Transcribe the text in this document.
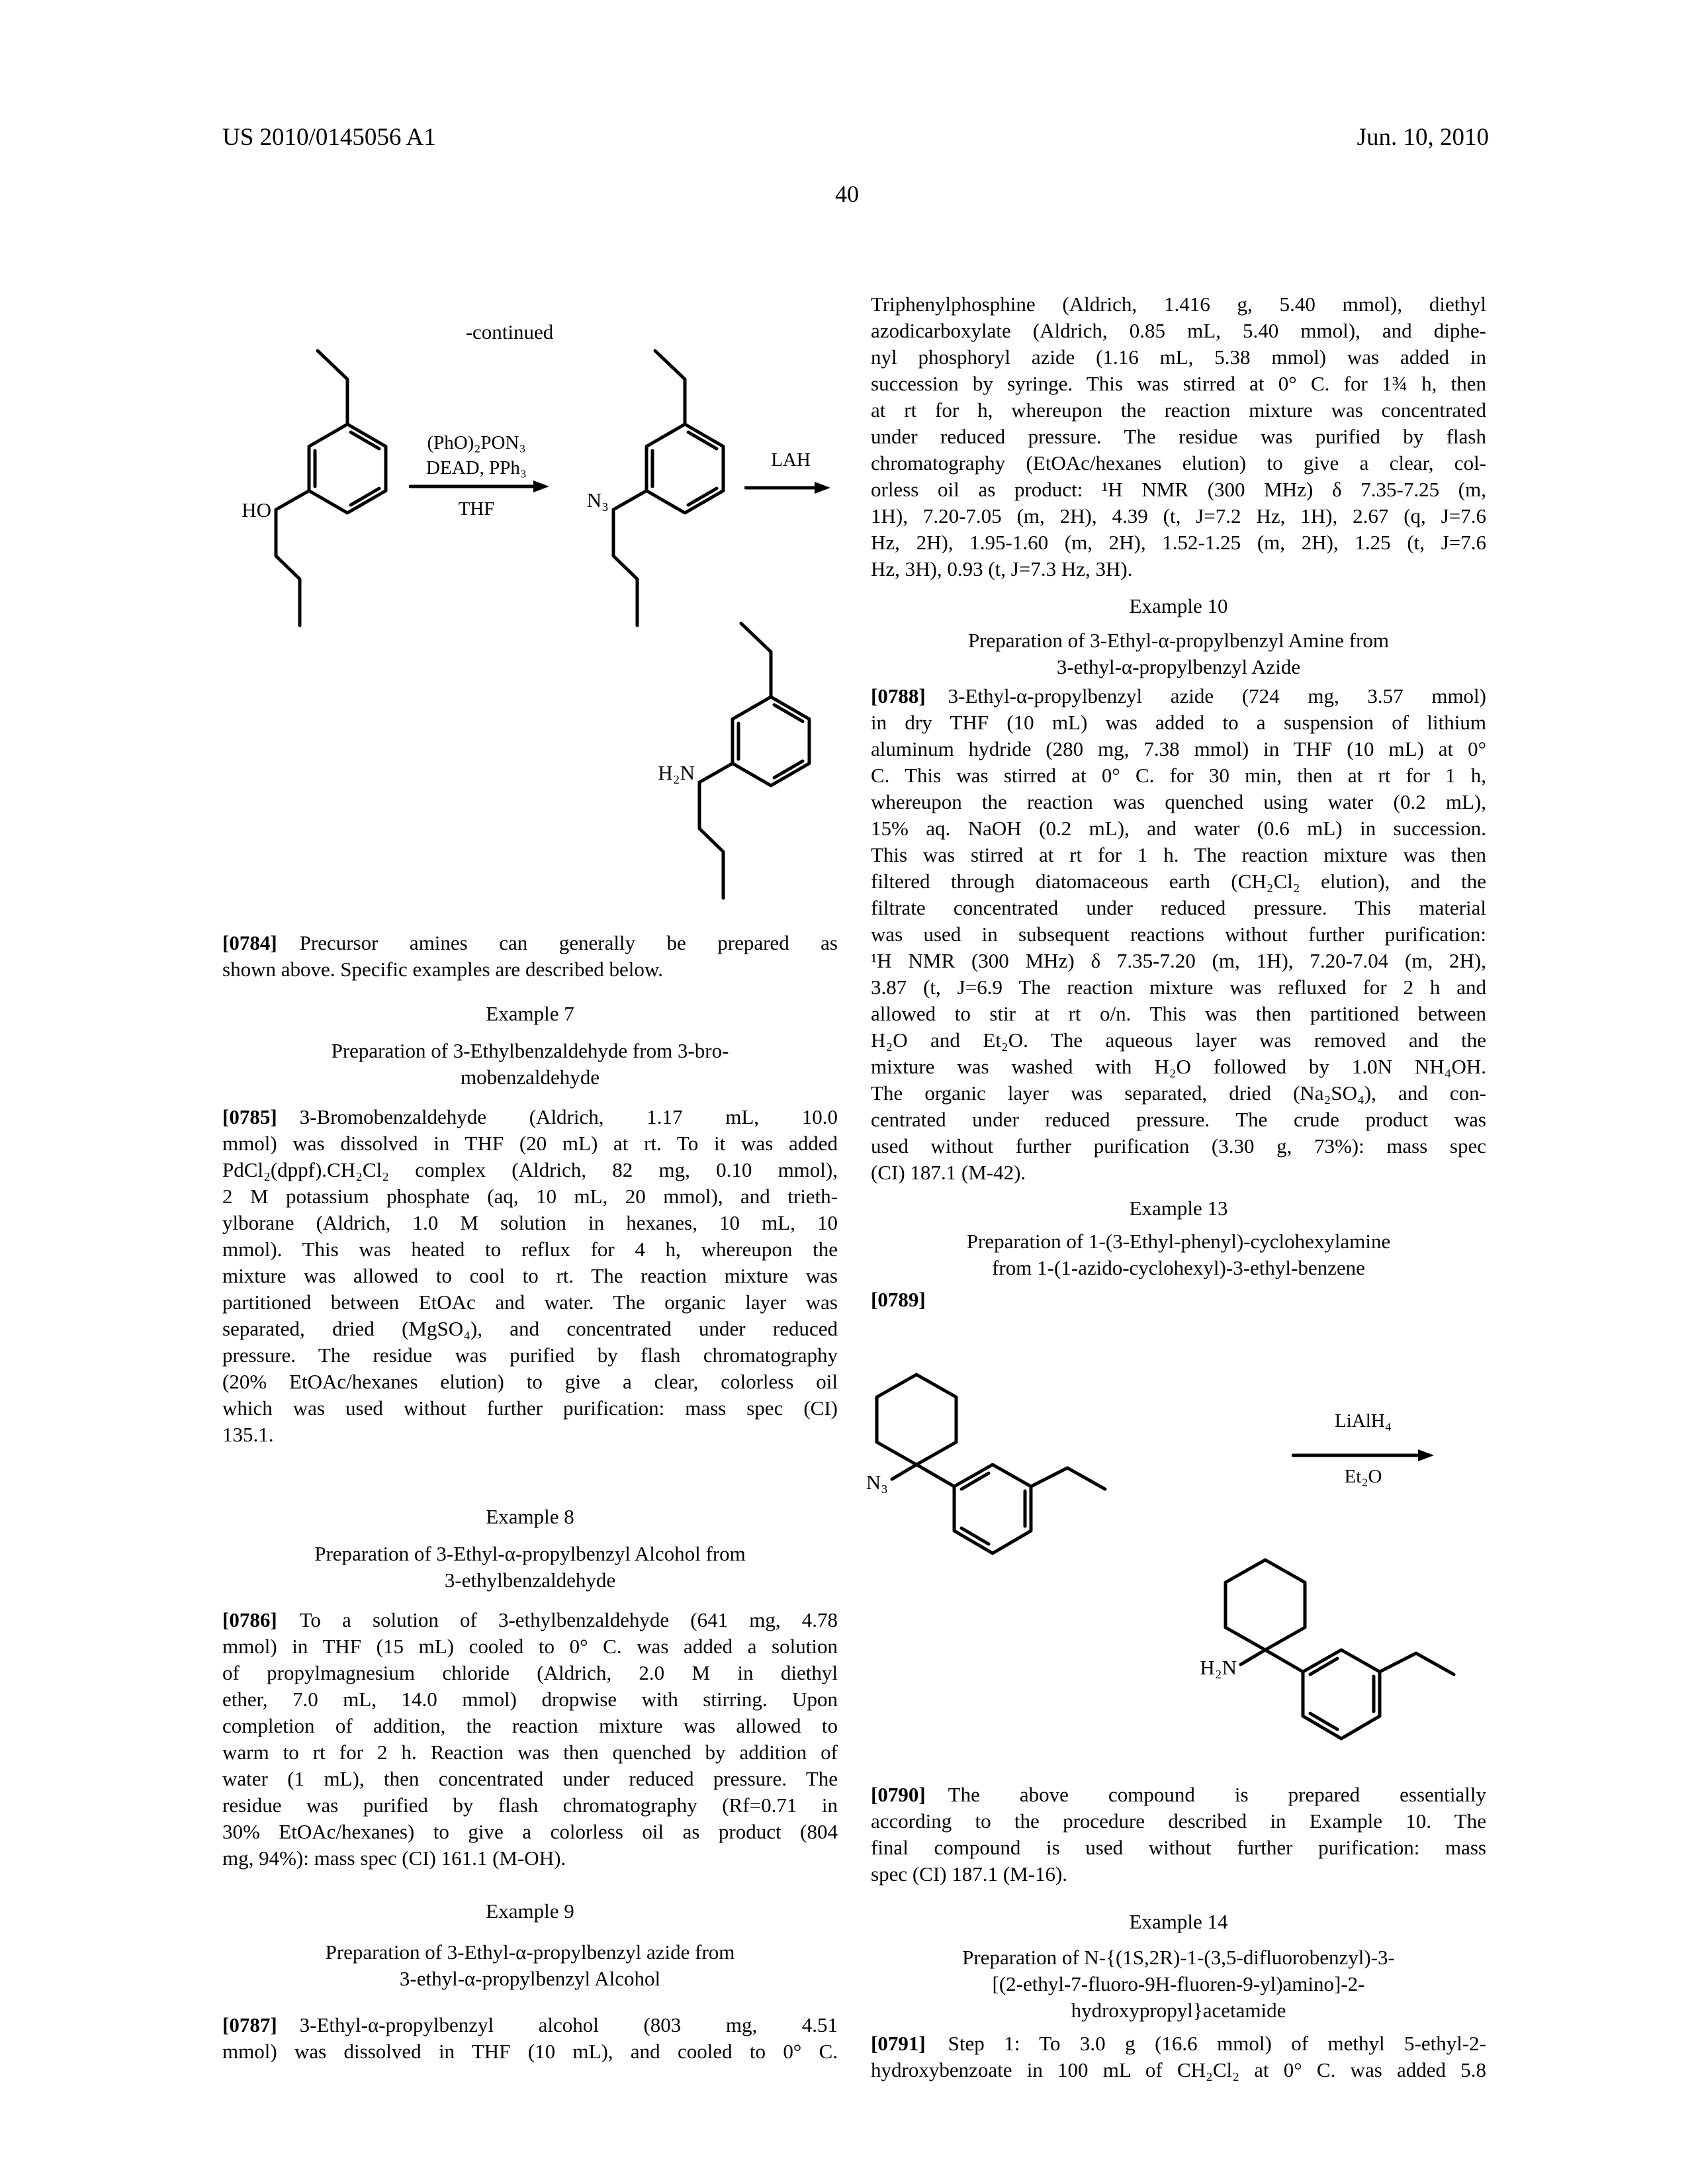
US 2010/0145056 A1	Jun. 10, 2010
40
-continued
HO
(PhO)₂PON₃
DEAD, PPh₃
THF	N₃
LAH
H₂N
[0784] Precursor amines can generally be prepared as
shown above. Specific examples are described below.
Example 7
Preparation of 3-Ethylbenzaldehyde from 3-bro-
mobenzaldehyde
[0785] 3-Bromobenzaldehyde (Aldrich, 1.17 mL, 10.0
mmol) was dissolved in THF (20 mL) at rt. To it was added
PdCl₂(dppf).CH₂Cl₂ complex (Aldrich, 82 mg, 0.10 mmol),
2 M potassium phosphate (aq, 10 mL, 20 mmol), and trieth-
ylborane (Aldrich, 1.0 M solution in hexanes, 10 mL, 10
mmol). This was heated to reflux for 4 h, whereupon the
mixture was allowed to cool to rt. The reaction mixture was
partitioned between EtOAc and water. The organic layer was
separated, dried (MgSO₄), and concentrated under reduced
pressure. The residue was purified by flash chromatography
(20% EtOAc/hexanes elution) to give a clear, colorless oil
which was used without further purification: mass spec (CI)
135.1.
Example 8
Preparation of 3-Ethyl-α-propylbenzyl Alcohol from
3-ethylbenzaldehyde
[0786] To a solution of 3-ethylbenzaldehyde (641 mg, 4.78
mmol) in THF (15 mL) cooled to 0° C. was added a solution
of propylmagnesium chloride (Aldrich, 2.0 M in diethyl
ether, 7.0 mL, 14.0 mmol) dropwise with stirring. Upon
completion of addition, the reaction mixture was allowed to
warm to rt for 2 h. Reaction was then quenched by addition of
water (1 mL), then concentrated under reduced pressure. The
residue was purified by flash chromatography (Rf=0.71 in
30% EtOAc/hexanes) to give a colorless oil as product (804
mg, 94%): mass spec (CI) 161.1 (M-OH).
Example 9
Preparation of 3-Ethyl-α-propylbenzyl azide from
3-ethyl-α-propylbenzyl Alcohol
[0787] 3-Ethyl-α-propylbenzyl alcohol (803 mg, 4.51
mmol) was dissolved in THF (10 mL), and cooled to 0° C.
Triphenylphosphine (Aldrich, 1.416 g, 5.40 mmol), diethyl
azodicarboxylate (Aldrich, 0.85 mL, 5.40 mmol), and diphe-
nyl phosphoryl azide (1.16 mL, 5.38 mmol) was added in
succession by syringe. This was stirred at 0° C. for 1¾ h, then
at rt for h, whereupon the reaction mixture was concentrated
under reduced pressure. The residue was purified by flash
chromatography (EtOAc/hexanes elution) to give a clear, col-
orless oil as product: ¹H NMR (300 MHz) δ 7.35-7.25 (m,
1H), 7.20-7.05 (m, 2H), 4.39 (t, J=7.2 Hz, 1H), 2.67 (q, J=7.6
Hz, 2H), 1.95-1.60 (m, 2H), 1.52-1.25 (m, 2H), 1.25 (t, J=7.6
Hz, 3H), 0.93 (t, J=7.3 Hz, 3H).
Example 10
Preparation of 3-Ethyl-α-propylbenzyl Amine from
3-ethyl-α-propylbenzyl Azide
[0788] 3-Ethyl-α-propylbenzyl azide (724 mg, 3.57 mmol)
in dry THF (10 mL) was added to a suspension of lithium
aluminum hydride (280 mg, 7.38 mmol) in THF (10 mL) at 0°
C. This was stirred at 0° C. for 30 min, then at rt for 1 h,
whereupon the reaction was quenched using water (0.2 mL),
15% aq. NaOH (0.2 mL), and water (0.6 mL) in succession.
This was stirred at rt for 1 h. The reaction mixture was then
filtered through diatomaceous earth (CH₂Cl₂ elution), and the
filtrate concentrated under reduced pressure. This material
was used in subsequent reactions without further purification:
¹H NMR (300 MHz) δ 7.35-7.20 (m, 1H), 7.20-7.04 (m, 2H),
3.87 (t, J=6.9 The reaction mixture was refluxed for 2 h and
allowed to stir at rt o/n. This was then partitioned between
H₂O and Et₂O. The aqueous layer was removed and the
mixture was washed with H₂O followed by 1.0N NH₄OH.
The organic layer was separated, dried (Na₂SO₄), and con-
centrated under reduced pressure. The crude product was
used without further purification (3.30 g, 73%): mass spec
(CI) 187.1 (M-42).
Example 13
Preparation of 1-(3-Ethyl-phenyl)-cyclohexylamine
from 1-(1-azido-cyclohexyl)-3-ethyl-benzene
[0789]
N₃
LiAlH₄
Et₂O
H₂N
[0790] The above compound is prepared essentially
according to the procedure described in Example 10. The
final compound is used without further purification: mass
spec (CI) 187.1 (M-16).
Example 14
Preparation of N-{(1S,2R)-1-(3,5-difluorobenzyl)-3-
[(2-ethyl-7-fluoro-9H-fluoren-9-yl)amino]-2-
hydroxypropyl}acetamide
[0791] Step 1: To 3.0 g (16.6 mmol) of methyl 5-ethyl-2-
hydroxybenzoate in 100 mL of CH₂Cl₂ at 0° C. was added 5.8
